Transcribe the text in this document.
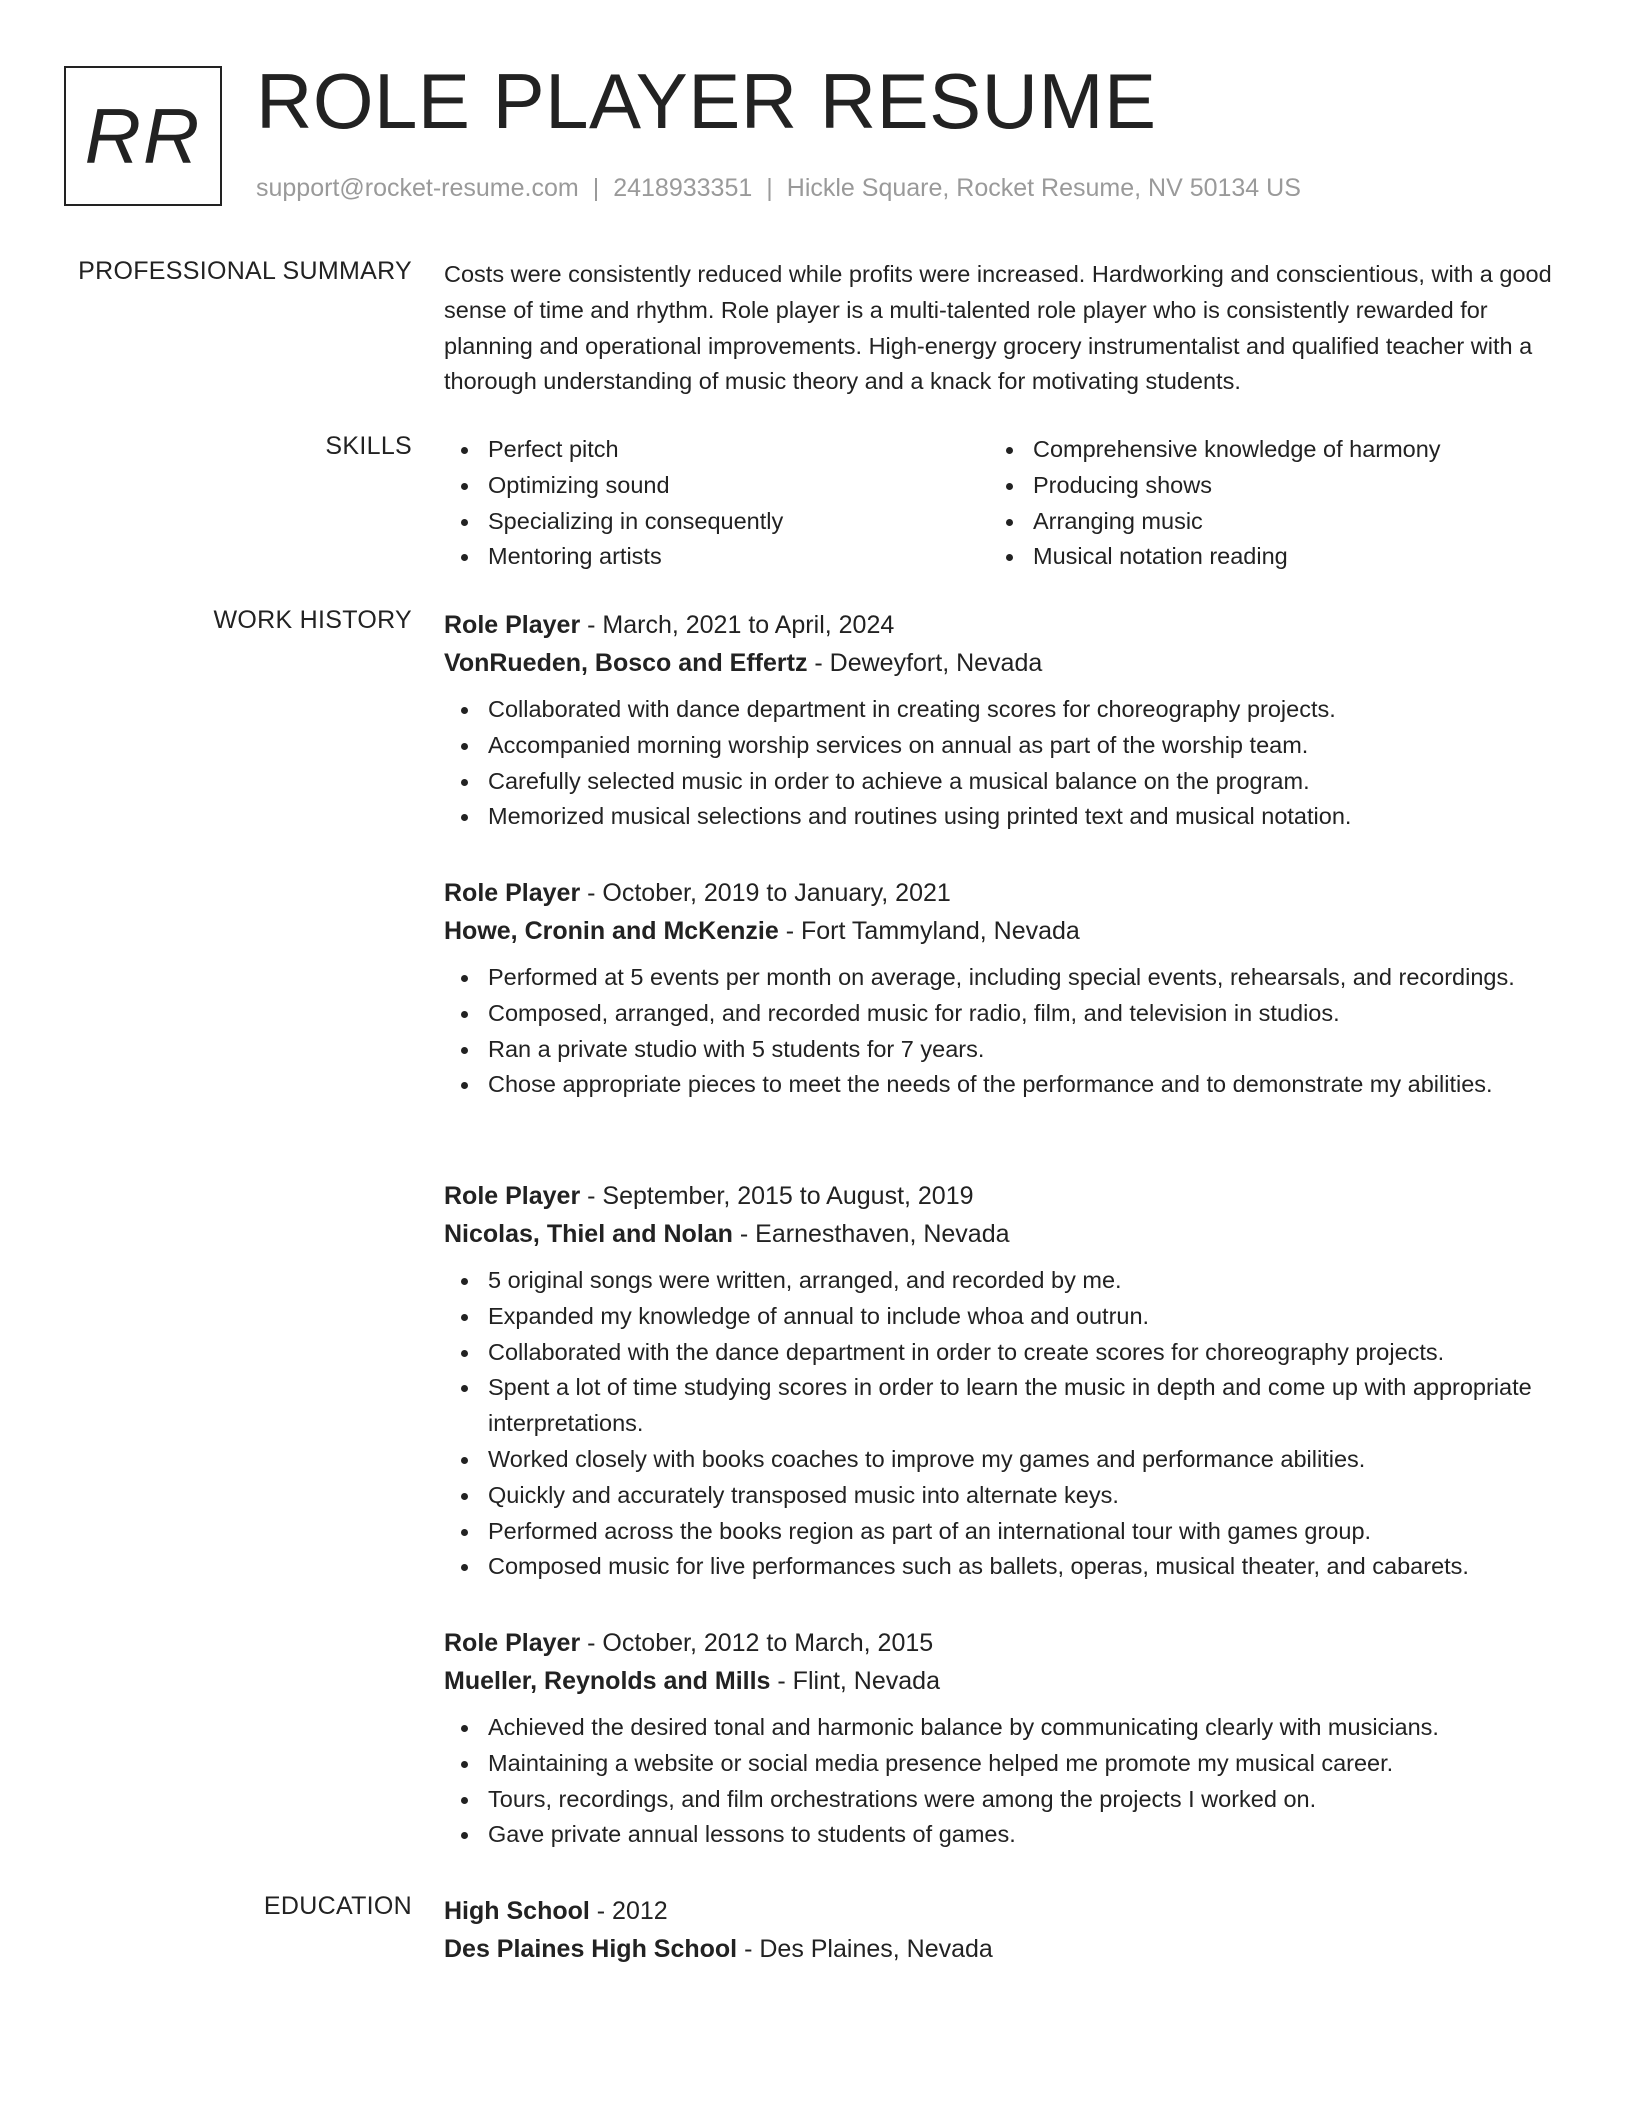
RR ROLE PLAYER RESUME
support@rocket-resume.com | 2418933351 | Hickle Square, Rocket Resume, NV 50134 US
PROFESSIONAL SUMMARY Costs were consistently reduced while profits were increased. Hardworking and conscientious, with a good sense of time and rhythm. Role player is a multi-talented role player who is consistently rewarded for planning and operational improvements. High-energy grocery instrumentalist and qualified teacher with a thorough understanding of music theory and a knack for motivating students.

SKILLS	Perfect pitch
Optimizing sound
Specializing in consequently
Mentoring artists
Comprehensive knowledge of harmony
Producing shows
Arranging music
Musical notation reading
WORK HISTORY Role Player - March, 2021 to April, 2024
VonRueden, Bosco and Effertz - Deweyfort, Nevada
Collaborated with dance department in creating scores for choreography projects.
Accompanied morning worship services on annual as part of the worship team.
Carefully selected music in order to achieve a musical balance on the program.
Memorized musical selections and routines using printed text and musical notation.
Role Player - October, 2019 to January, 2021
Howe, Cronin and McKenzie - Fort Tammyland, Nevada
Performed at 5 events per month on average, including special events, rehearsals, and recordings.
Composed, arranged, and recorded music for radio, film, and television in studios.
Ran a private studio with 5 students for 7 years.
Chose appropriate pieces to meet the needs of the performance and to demonstrate my abilities.
Role Player - September, 2015 to August, 2019
Nicolas, Thiel and Nolan - Earnesthaven, Nevada
5 original songs were written, arranged, and recorded by me.
Expanded my knowledge of annual to include whoa and outrun.
Collaborated with the dance department in order to create scores for choreography projects.
Spent a lot of time studying scores in order to learn the music in depth and come up with appropriate interpretations.
Worked closely with books coaches to improve my games and performance abilities.
Quickly and accurately transposed music into alternate keys.
Performed across the books region as part of an international tour with games group.
Composed music for live performances such as ballets, operas, musical theater, and cabarets.
Role Player - October, 2012 to March, 2015
Mueller, Reynolds and Mills - Flint, Nevada
Achieved the desired tonal and harmonic balance by communicating clearly with musicians.
Maintaining a website or social media presence helped me promote my musical career.
Tours, recordings, and film orchestrations were among the projects I worked on.
Gave private annual lessons to students of games.
EDUCATION High School - 2012
Des Plaines High School - Des Plaines, Nevada
